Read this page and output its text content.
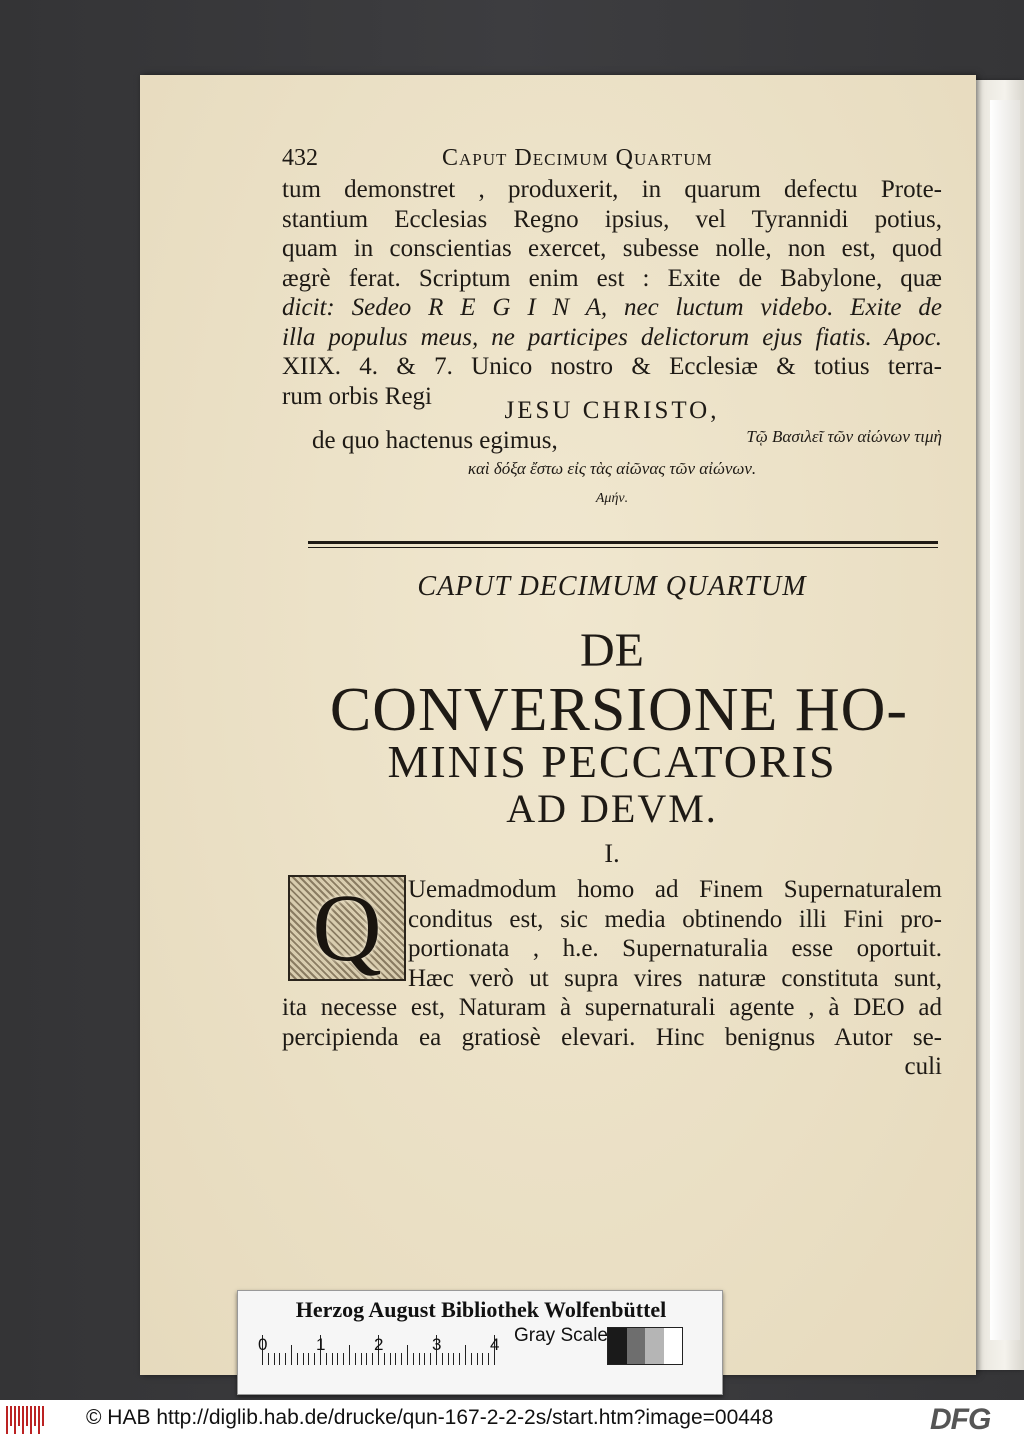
432	Caput Decimum Quartum
tum demonstret , produxerit, in quarum defectu Prote-
stantium Ecclesias Regno ipsius, vel Tyrannidi potius,
quam in conscientias exercet, subesse nolle, non est, quod
ægrè ferat. Scriptum enim est : Exite de Babylone, quæ
dicit: Sedeo R E G I N A, nec luctum videbo. Exite de
illa populus meus, ne participes delictorum ejus fiatis. Apoc.
XIIX. 4. & 7. Unico nostro & Ecclesiæ & totius terra-
rum orbis Regi
JESU CHRISTO,
de quo hactenus egimus,	Τῷ Βασιλεῖ τῶν αἰώνων τιμὴ
καὶ δόξα ἔστω εἰς τὰς αἰῶνας τῶν αἰώνων.
Αμήν.
CAPUT DECIMUM QUARTUM
DE
CONVERSIONE HO-
MINIS PECCATORIS
AD DEVM.
I.
Q	Uemadmodum homo ad Finem Supernaturalem
conditus est, sic media obtinendo illi Fini pro-
portionata , h.e. Supernaturalia esse oportuit.
Hæc verò ut supra vires naturæ constituta sunt,
ita necesse est, Naturam à supernaturali agente , à DEO ad
percipienda ea gratiosè elevari. Hinc benignus Autor se-
culi
Herzog August Bibliothek Wolfenbüttel
0	1	2	3	4 Gray Scale
© HAB http://diglib.hab.de/drucke/qun-167-2-2-2s/start.htm?image=00448	DFG
